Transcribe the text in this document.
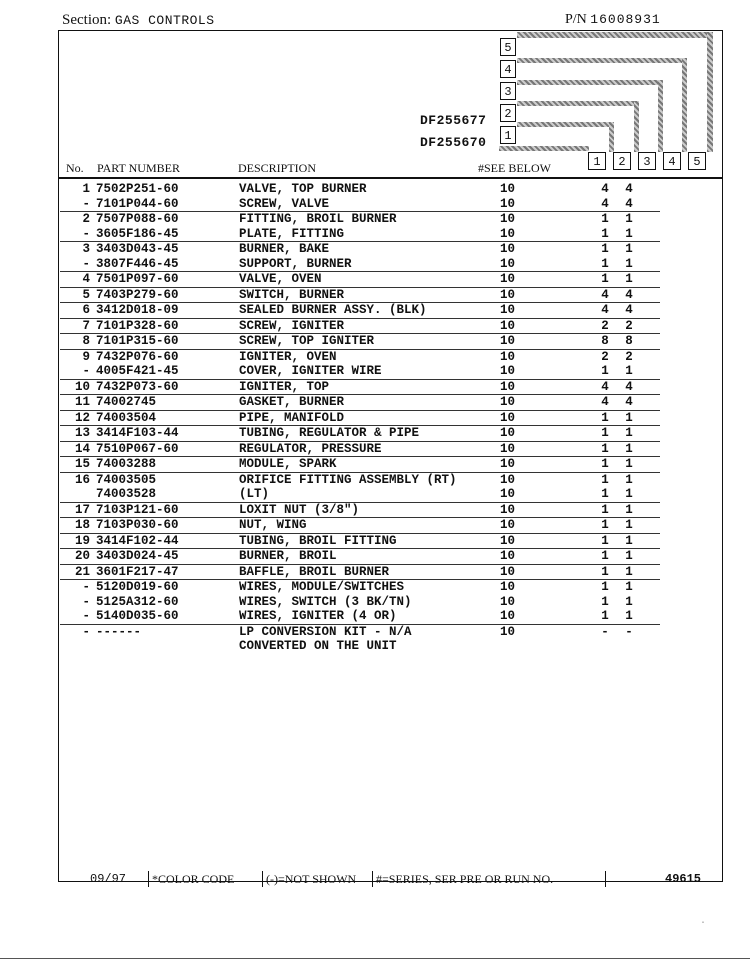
Section: GAS CONTROLS	P/N 16008931
5
4
3
2
1
DF255677
DF255670
1	2	3	4	5
No. PART NUMBER	DESCRIPTION	#SEE BELOW
1 7502P251-60	VALVE, TOP BURNER	10	4 4
- 7101P044-60	SCREW, VALVE	10	4 4
2 7507P088-60	FITTING, BROIL BURNER	10	1 1
- 3605F186-45	PLATE, FITTING	10	1 1
3 3403D043-45	BURNER, BAKE	10	1 1
- 3807F446-45	SUPPORT, BURNER	10	1 1
4 7501P097-60	VALVE, OVEN	10	1 1
5 7403P279-60	SWITCH, BURNER	10	4 4
6 3412D018-09	SEALED BURNER ASSY. (BLK)	10	4 4
7 7101P328-60	SCREW, IGNITER	10	2 2
8 7101P315-60	SCREW, TOP IGNITER	10	8 8
9 7432P076-60	IGNITER, OVEN	10	2 2
- 4005F421-45	COVER, IGNITER WIRE	10	1 1
10 7432P073-60	IGNITER, TOP	10	4 4
11 74002745	GASKET, BURNER	10	4 4
12 74003504	PIPE, MANIFOLD	10	1 1
13 3414F103-44	TUBING, REGULATOR & PIPE	10	1 1
14 7510P067-60	REGULATOR, PRESSURE	10	1 1
15 74003288	MODULE, SPARK	10	1 1
16 74003505	ORIFICE FITTING ASSEMBLY (RT)	10	1 1
74003528	(LT)	10	1 1
17 7103P121-60	LOXIT NUT (3/8")	10	1 1
18 7103P030-60	NUT, WING	10	1 1
19 3414F102-44	TUBING, BROIL FITTING	10	1 1
20 3403D024-45	BURNER, BROIL	10	1 1
21 3601F217-47	BAFFLE, BROIL BURNER	10	1 1
- 5120D019-60	WIRES, MODULE/SWITCHES	10	1 1
- 5125A312-60	WIRES, SWITCH (3 BK/TN)	10	1 1
- 5140D035-60	WIRES, IGNITER (4 OR)	10	1 1
- ------	LP CONVERSION KIT - N/A	10	- -
CONVERTED ON THE UNIT
09/97 *COLOR CODE	(-)=NOT SHOWN #=SERIES, SER PRE OR RUN NO.	49615
·
